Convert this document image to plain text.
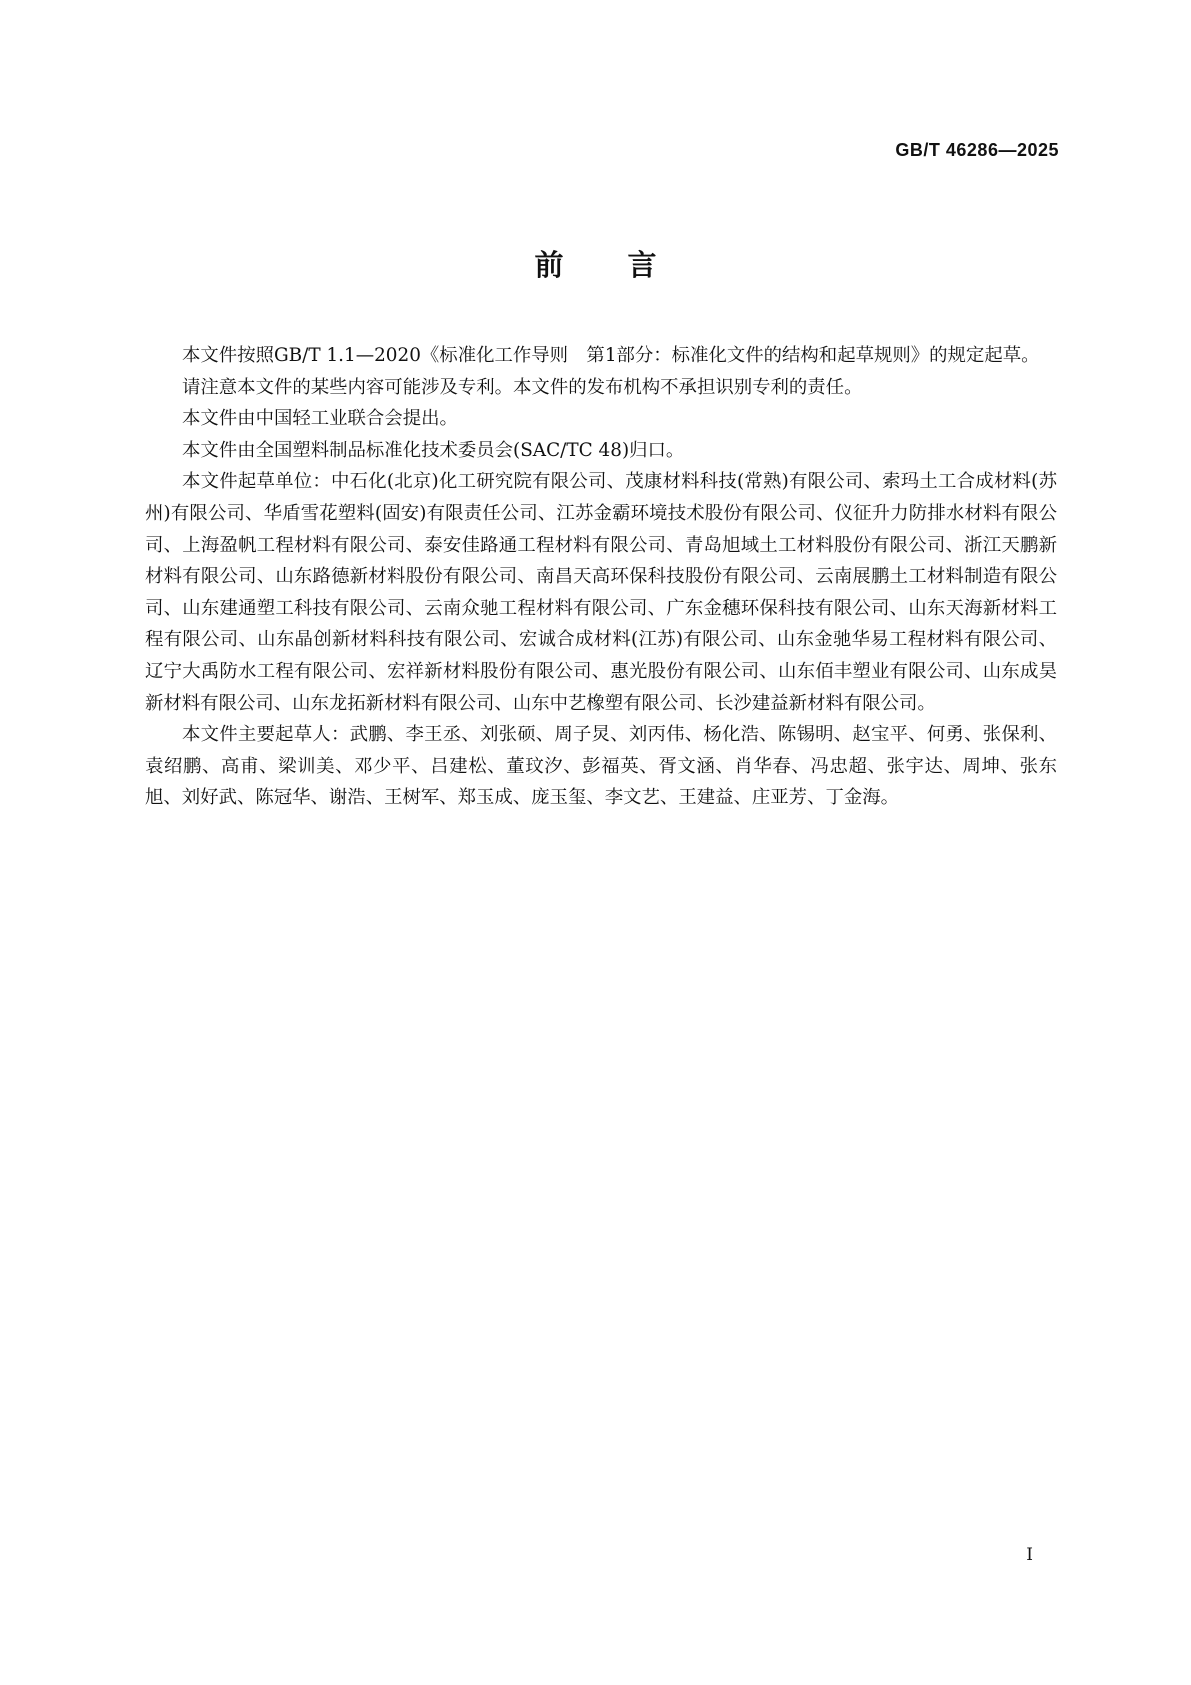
GB/T 46286—2025
前言

本文件按照GB/T 1.1—2020《标准化工作导则　第1部分：标准化文件的结构和起草规则》的规定起草。

请注意本文件的某些内容可能涉及专利。本文件的发布机构不承担识别专利的责任。

本文件由中国轻工业联合会提出。

本文件由全国塑料制品标准化技术委员会(SAC/TC 48)归口。

本文件起草单位：中石化(北京)化工研究院有限公司、茂康材料科技(常熟)有限公司、索玛土工合成材料(苏州)有限公司、华盾雪花塑料(固安)有限责任公司、江苏金霸环境技术股份有限公司、仪征升力防排水材料有限公司、上海盈帆工程材料有限公司、泰安佳路通工程材料有限公司、青岛旭域土工材料股份有限公司、浙江天鹏新材料有限公司、山东路德新材料股份有限公司、南昌天高环保科技股份有限公司、云南展鹏土工材料制造有限公司、山东建通塑工科技有限公司、云南众驰工程材料有限公司、广东金穗环保科技有限公司、山东天海新材料工程有限公司、山东晶创新材料科技有限公司、宏诚合成材料(江苏)有限公司、山东金驰华易工程材料有限公司、辽宁大禹防水工程有限公司、宏祥新材料股份有限公司、惠光股份有限公司、山东佰丰塑业有限公司、山东成昊新材料有限公司、山东龙拓新材料有限公司、山东中艺橡塑有限公司、长沙建益新材料有限公司。

本文件主要起草人：武鹏、李王丞、刘张硕、周子炅、刘丙伟、杨化浩、陈锡明、赵宝平、何勇、张保利、袁绍鹏、高甫、梁训美、邓少平、吕建松、董玟汐、彭福英、胥文涵、肖华春、冯忠超、张宇达、周坤、张东旭、刘好武、陈冠华、谢浩、王树军、郑玉成、庞玉玺、李文艺、王建益、庄亚芳、丁金海。

I
